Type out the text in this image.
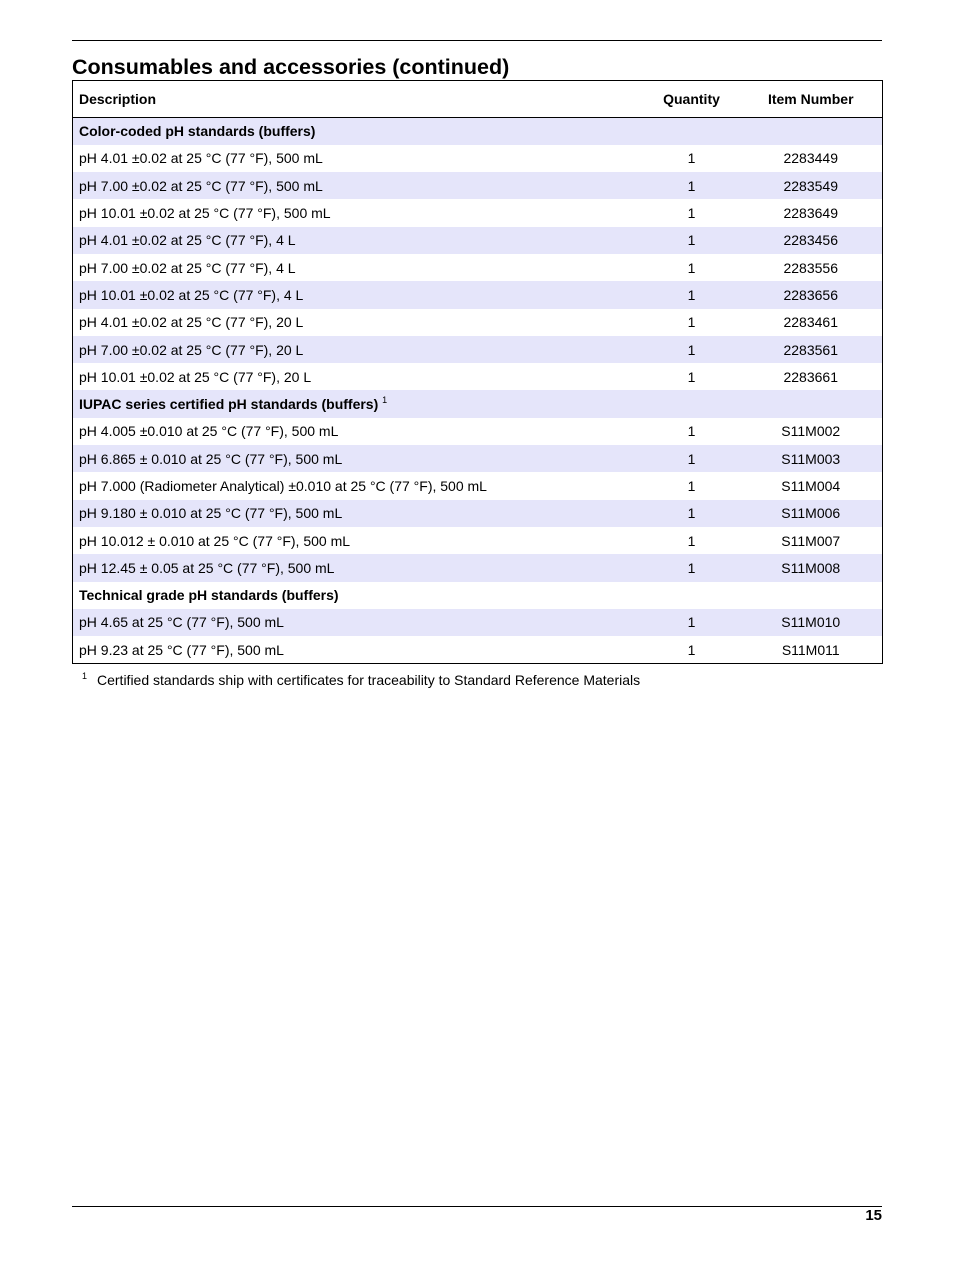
Consumables and accessories (continued)
Description	Quantity	Item Number
Color-coded pH standards (buffers)		
pH 4.01 ±0.02 at 25 °C (77 °F), 500 mL	1	2283449
pH 7.00 ±0.02 at 25 °C (77 °F), 500 mL	1	2283549
pH 10.01 ±0.02 at 25 °C (77 °F), 500 mL	1	2283649
pH 4.01 ±0.02 at 25 °C (77 °F), 4 L	1	2283456
pH 7.00 ±0.02 at 25 °C (77 °F), 4 L	1	2283556
pH 10.01 ±0.02 at 25 °C (77 °F), 4 L	1	2283656
pH 4.01 ±0.02 at 25 °C (77 °F), 20 L	1	2283461
pH 7.00 ±0.02 at 25 °C (77 °F), 20 L	1	2283561
pH 10.01 ±0.02 at 25 °C (77 °F), 20 L	1	2283661
IUPAC series certified pH standards (buffers) $^1$		
pH 4.005 ±0.010 at 25 °C (77 °F), 500 mL	1	S11M002
pH 6.865 ± 0.010 at 25 °C (77 °F), 500 mL	1	S11M003
pH 7.000 (Radiometer Analytical) ±0.010 at 25 °C (77 °F), 500 mL	1	S11M004
pH 9.180 ± 0.010 at 25 °C (77 °F), 500 mL	1	S11M006
pH 10.012 ± 0.010 at 25 °C (77 °F), 500 mL	1	S11M007
pH 12.45 ± 0.05 at 25 °C (77 °F), 500 mL	1	S11M008
Technical grade pH standards (buffers)		
pH 4.65 at 25 °C (77 °F), 500 mL	1	S11M010
pH 9.23 at 25 °C (77 °F), 500 mL	1	S11M011
1 Certified standards ship with certificates for traceability to Standard Reference Materials
15
